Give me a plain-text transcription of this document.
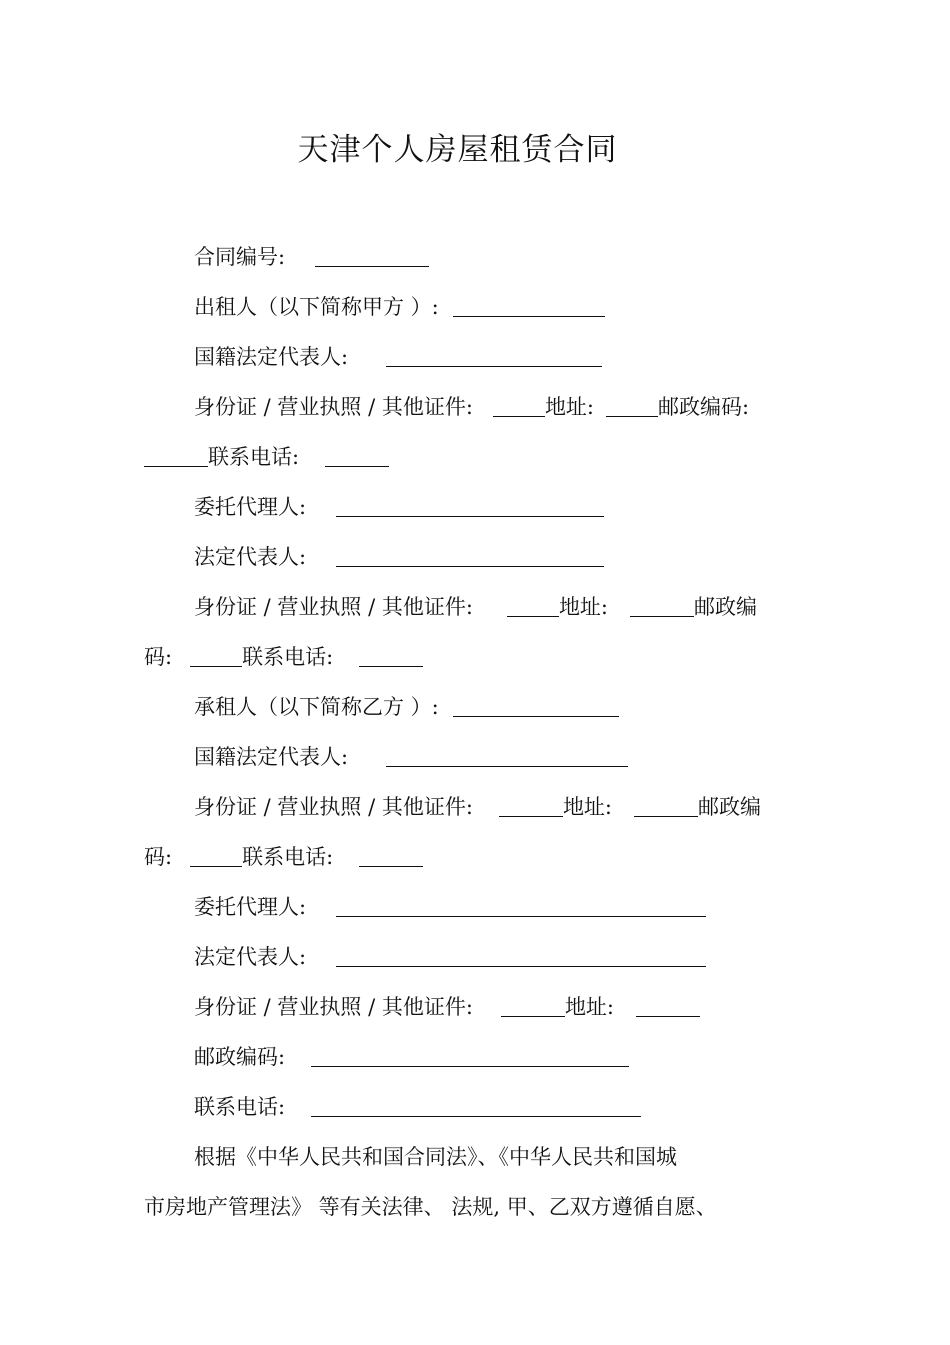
天津个人房屋租赁合同
合同编号:
出租人（以下简称甲方 ）:
国籍法定代表人:
身份证 / 营业执照 / 其他证件:	地址:	邮政编码:
联系电话:
委托代理人:
法定代表人:
身份证 / 营业执照 / 其他证件:	地址:	邮政编
码:	联系电话:
承租人（以下简称乙方 ）:
国籍法定代表人:
身份证 / 营业执照 / 其他证件:	地址:	邮政编
码:	联系电话:
委托代理人:
法定代表人:
身份证 / 营业执照 / 其他证件:	地址:
邮政编码:
联系电话:
根据《中华人民共和国合同法》、《中华人民共和国城
市房地产管理法》 等有关法律、 法规, 甲、乙双方遵循自愿、
